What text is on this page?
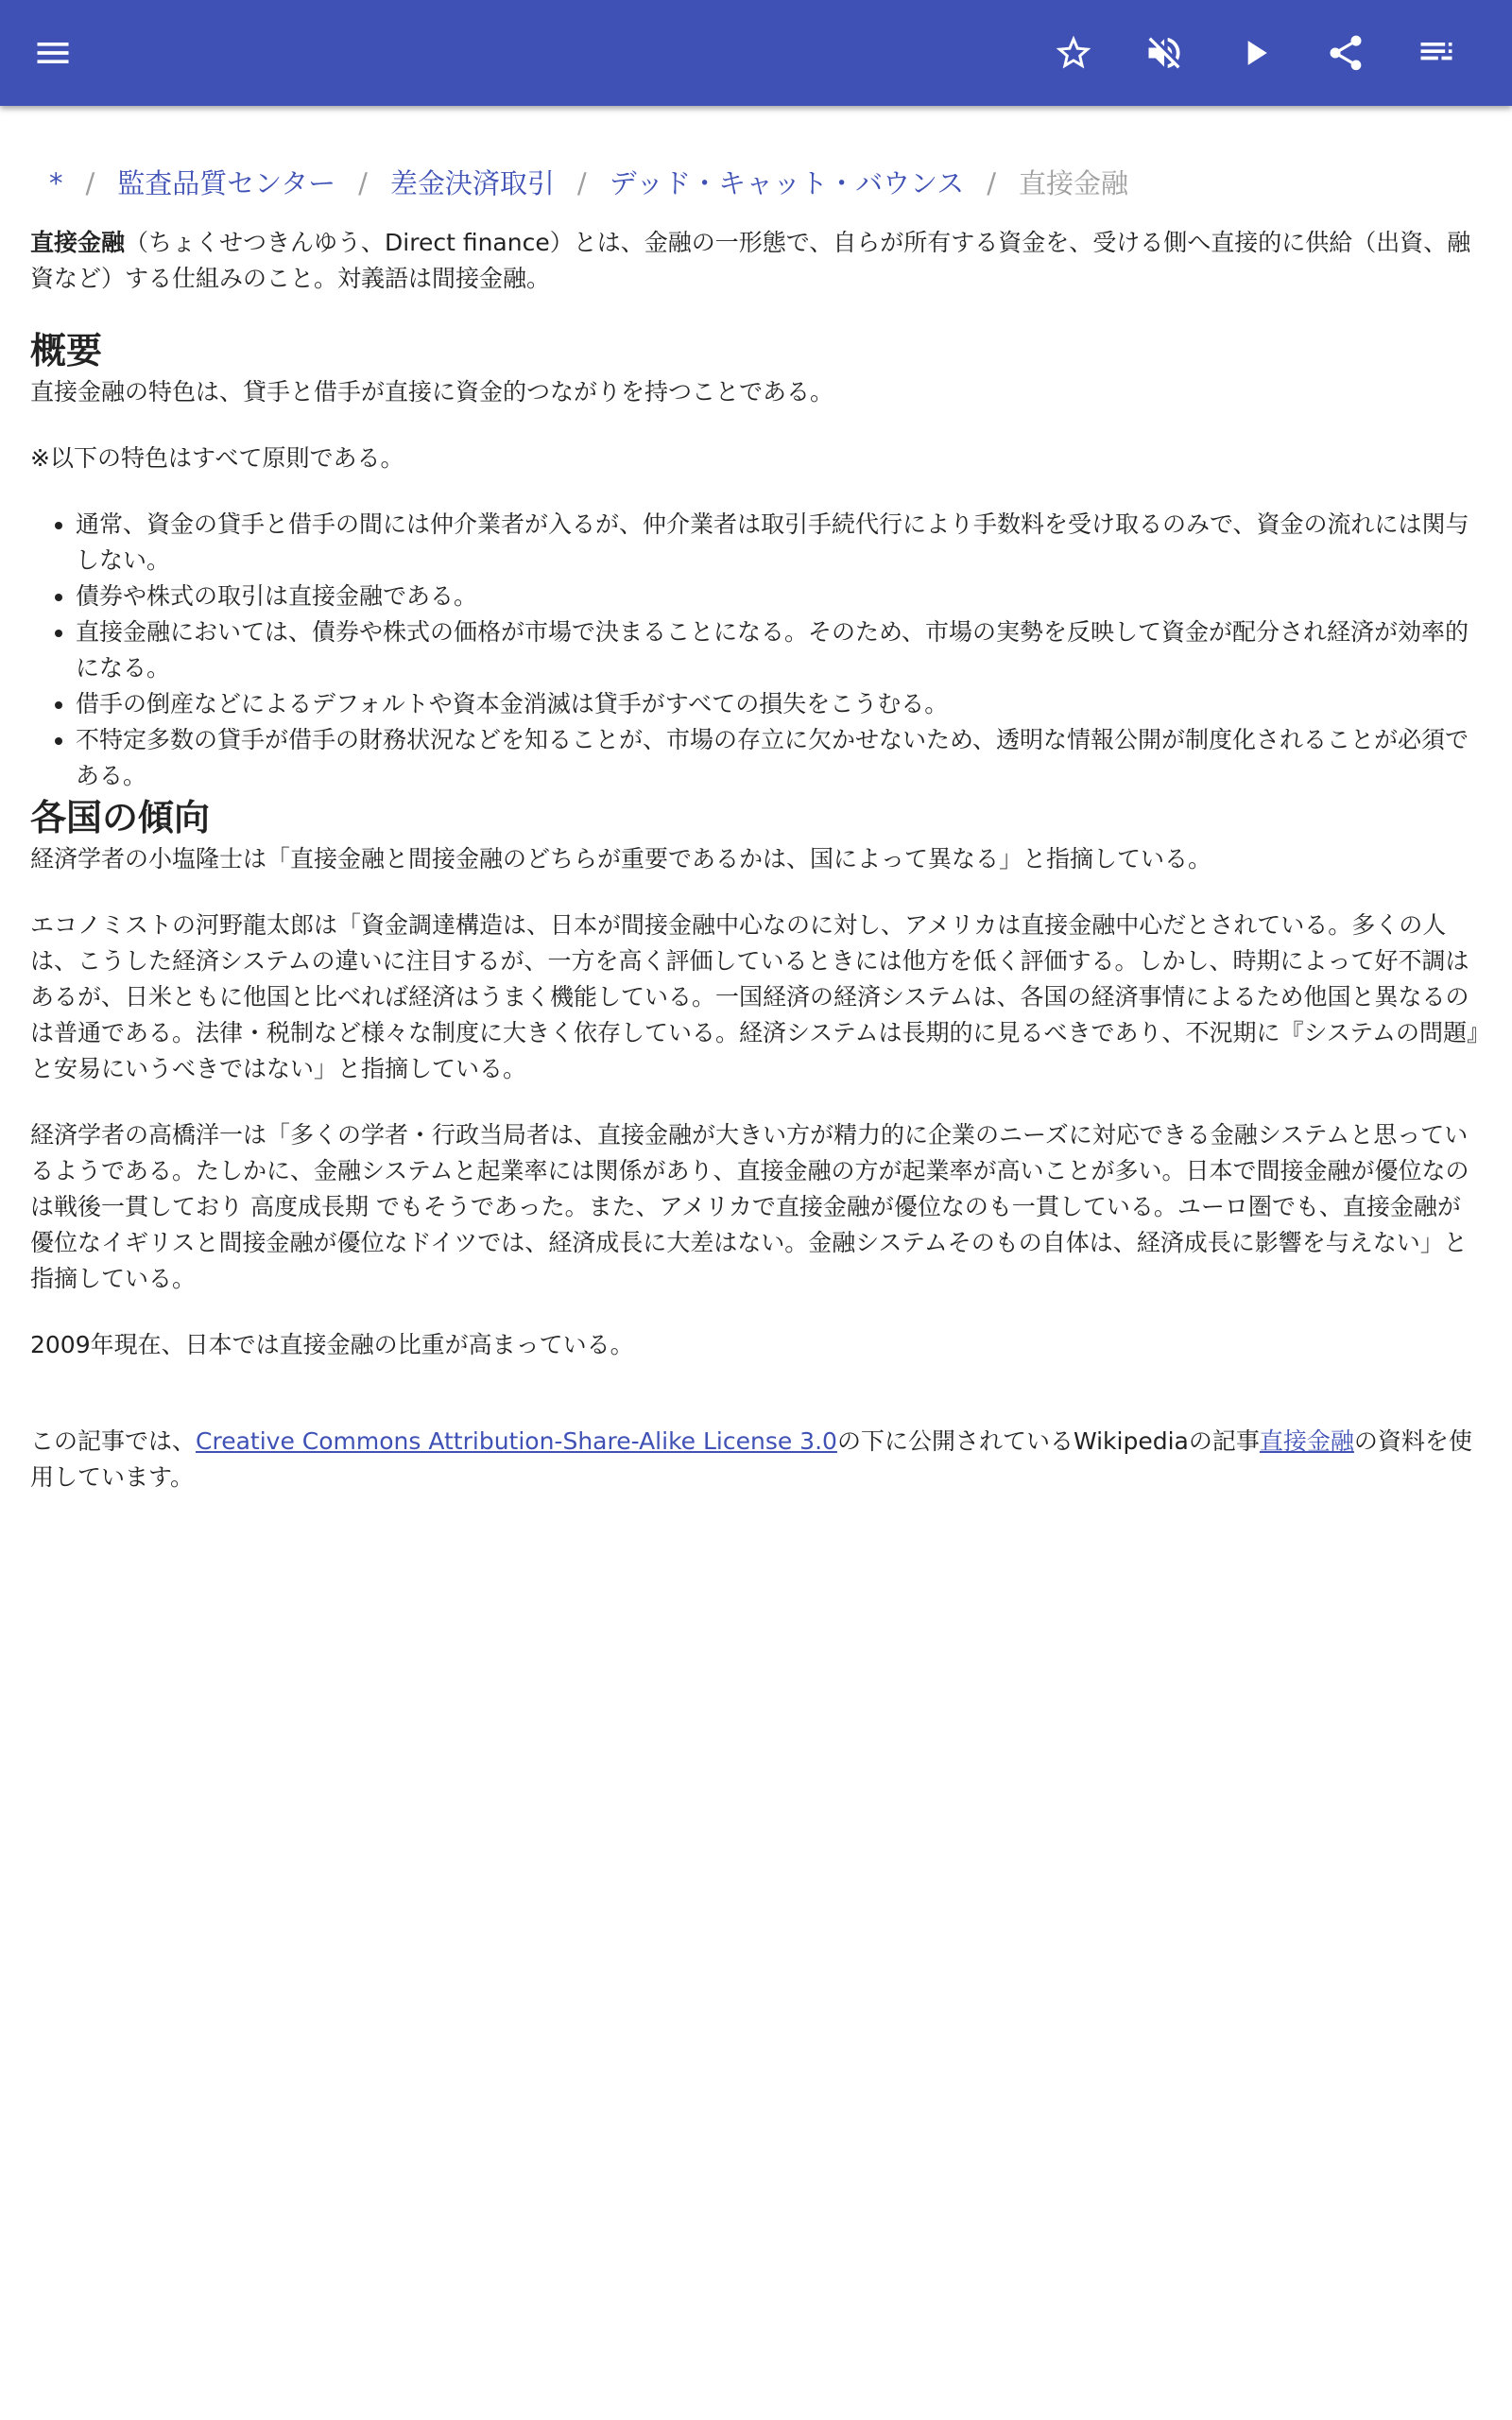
* / 監査品質センター / 差金決済取引 / デッド・キャット・バウンス / 直接金融

直接金融（ちょくせつきんゆう、Direct finance）とは、金融の一形態で、自らが所有する資金を、受ける側へ直接的に供給（出資、融資など）する仕組みのこと。対義語は間接金融。

概要

直接金融の特色は、貸手と借手が直接に資金的つながりを持つことである。

※以下の特色はすべて原則である。

• 通常、資金の貸手と借手の間には仲介業者が入るが、仲介業者は取引手続代行により手数料を受け取るのみで、資金の流れには関与しない。
• 債券や株式の取引は直接金融である。
• 直接金融においては、債券や株式の価格が市場で決まることになる。そのため、市場の実勢を反映して資金が配分され経済が効率的になる。
• 借手の倒産などによるデフォルトや資本金消滅は貸手がすべての損失をこうむる。
• 不特定多数の貸手が借手の財務状況などを知ることが、市場の存立に欠かせないため、透明な情報公開が制度化されることが必須である。
各国の傾向

経済学者の小塩隆士は「直接金融と間接金融のどちらが重要であるかは、国によって異なる」と指摘している。

エコノミストの河野龍太郎は「資金調達構造は、日本が間接金融中心なのに対し、アメリカは直接金融中心だとされている。多くの人は、こうした経済システムの違いに注目するが、一方を高く評価しているときには他方を低く評価する。しかし、時期によって好不調はあるが、日米ともに他国と比べれば経済はうまく機能している。一国経済の経済システムは、各国の経済事情によるため他国と異なるのは普通である。法律・税制など様々な制度に大きく依存している。経済システムは長期的に見るべきであり、不況期に『システムの問題』と安易にいうべきではない」と指摘している。

経済学者の高橋洋一は「多くの学者・行政当局者は、直接金融が大きい方が精力的に企業のニーズに対応できる金融システムと思っているようである。たしかに、金融システムと起業率には関係があり、直接金融の方が起業率が高いことが多い。日本で間接金融が優位なのは戦後一貫しており 高度成長期 でもそうであった。また、アメリカで直接金融が優位なのも一貫している。ユーロ圏でも、直接金融が優位なイギリスと間接金融が優位なドイツでは、経済成長に大差はない。金融システムそのもの自体は、経済成長に影響を与えない」と指摘している。

2009年現在、日本では直接金融の比重が高まっている。

この記事では、Creative Commons Attribution-Share-Alike License 3.0の下に公開されているWikipediaの記事直接金融の資料を使用しています。
